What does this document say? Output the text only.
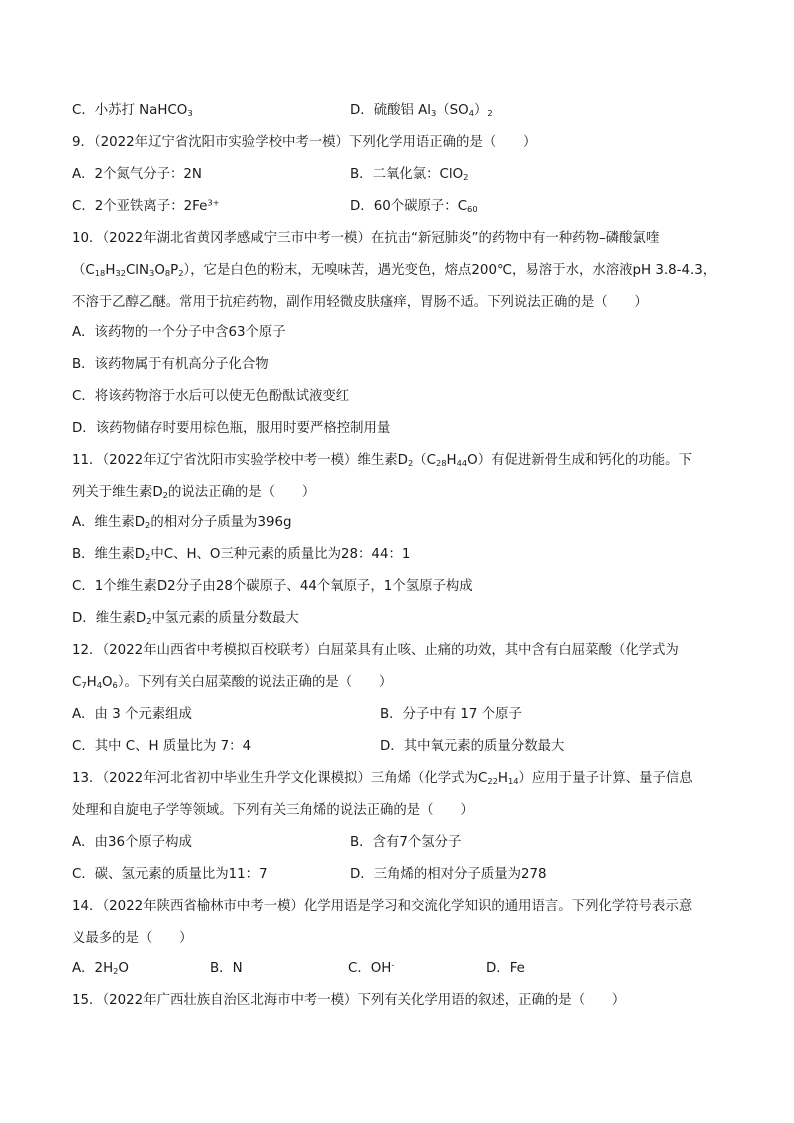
C．小苏打 NaHCO$_3$	D．硫酸铝 $Al_3(SO_4)_2$
9．（2022年辽宁省沈阳市实验学校中考一模）下列化学用语正确的是（　　）
A．2个氮气分子：2N	B．二氧化氯：ClO$_2$
C．2个亚铁离子：$2Fe^{3+}$	D．60个碳原子：$C_{60}$
10．（2022年湖北省黄冈孝感咸宁三市中考一模）在抗击“新冠肺炎”的药物中有一种药物–磷酸氯喹
$(C_{18}H_{32}ClN_3O_8P_2)$，它是白色的粉末，无嗅味苦，遇光变色，熔点200℃，易溶于水，水溶液pH 3.8-4.3，
不溶于乙醇乙醚。常用于抗疟药物，副作用轻微皮肤瘙痒，胃肠不适。下列说法正确的是（　　）
A．该药物的一个分子中含63个原子
B．该药物属于有机高分子化合物
C．将该药物溶于水后可以使无色酚酞试液变红
D．该药物储存时要用棕色瓶，服用时要严格控制用量
11．（2022年辽宁省沈阳市实验学校中考一模）维生素$D_2(C_{28}H_{44}O)$有促进新骨生成和钙化的功能。下
列关于维生素$D_2$的说法正确的是（　　）
A．维生素$D_2$的相对分子质量为396g
B．维生素$D_2$中C、H、O三种元素的质量比为28：44：1
C．1个维生素D2分子由28个碳原子、44个氧原子，1个氢原子构成
D．维生素$D_2$中氢元素的质量分数最大
12．（2022年山西省中考模拟百校联考）白屈菜具有止咳、止痛的功效，其中含有白屈菜酸（化学式为
$C_7H_4O_6$）。下列有关白屈菜酸的说法正确的是（　　）
A．由 3 个元素组成	B．分子中有 17 个原子
C．其中 C、H 质量比为 7：4	D．其中氧元素的质量分数最大
13．（2022年河北省初中毕业生升学文化课模拟）三角烯（化学式为$C_{22}H_{14}$）应用于量子计算、量子信息
处理和自旋电子学等领域。下列有关三角烯的说法正确的是（　　）
A．由36个原子构成	B．含有7个氢分子
C．碳、氢元素的质量比为11：7	D．三角烯的相对分子质量为278
14．（2022年陕西省榆林市中考一模）化学用语是学习和交流化学知识的通用语言。下列化学符号表示意
义最多的是（　　）
A．$2H_2O$	B．N	C．OH-	D．Fe
15．（2022年广西壮族自治区北海市中考一模）下列有关化学用语的叙述，正确的是（　　）
